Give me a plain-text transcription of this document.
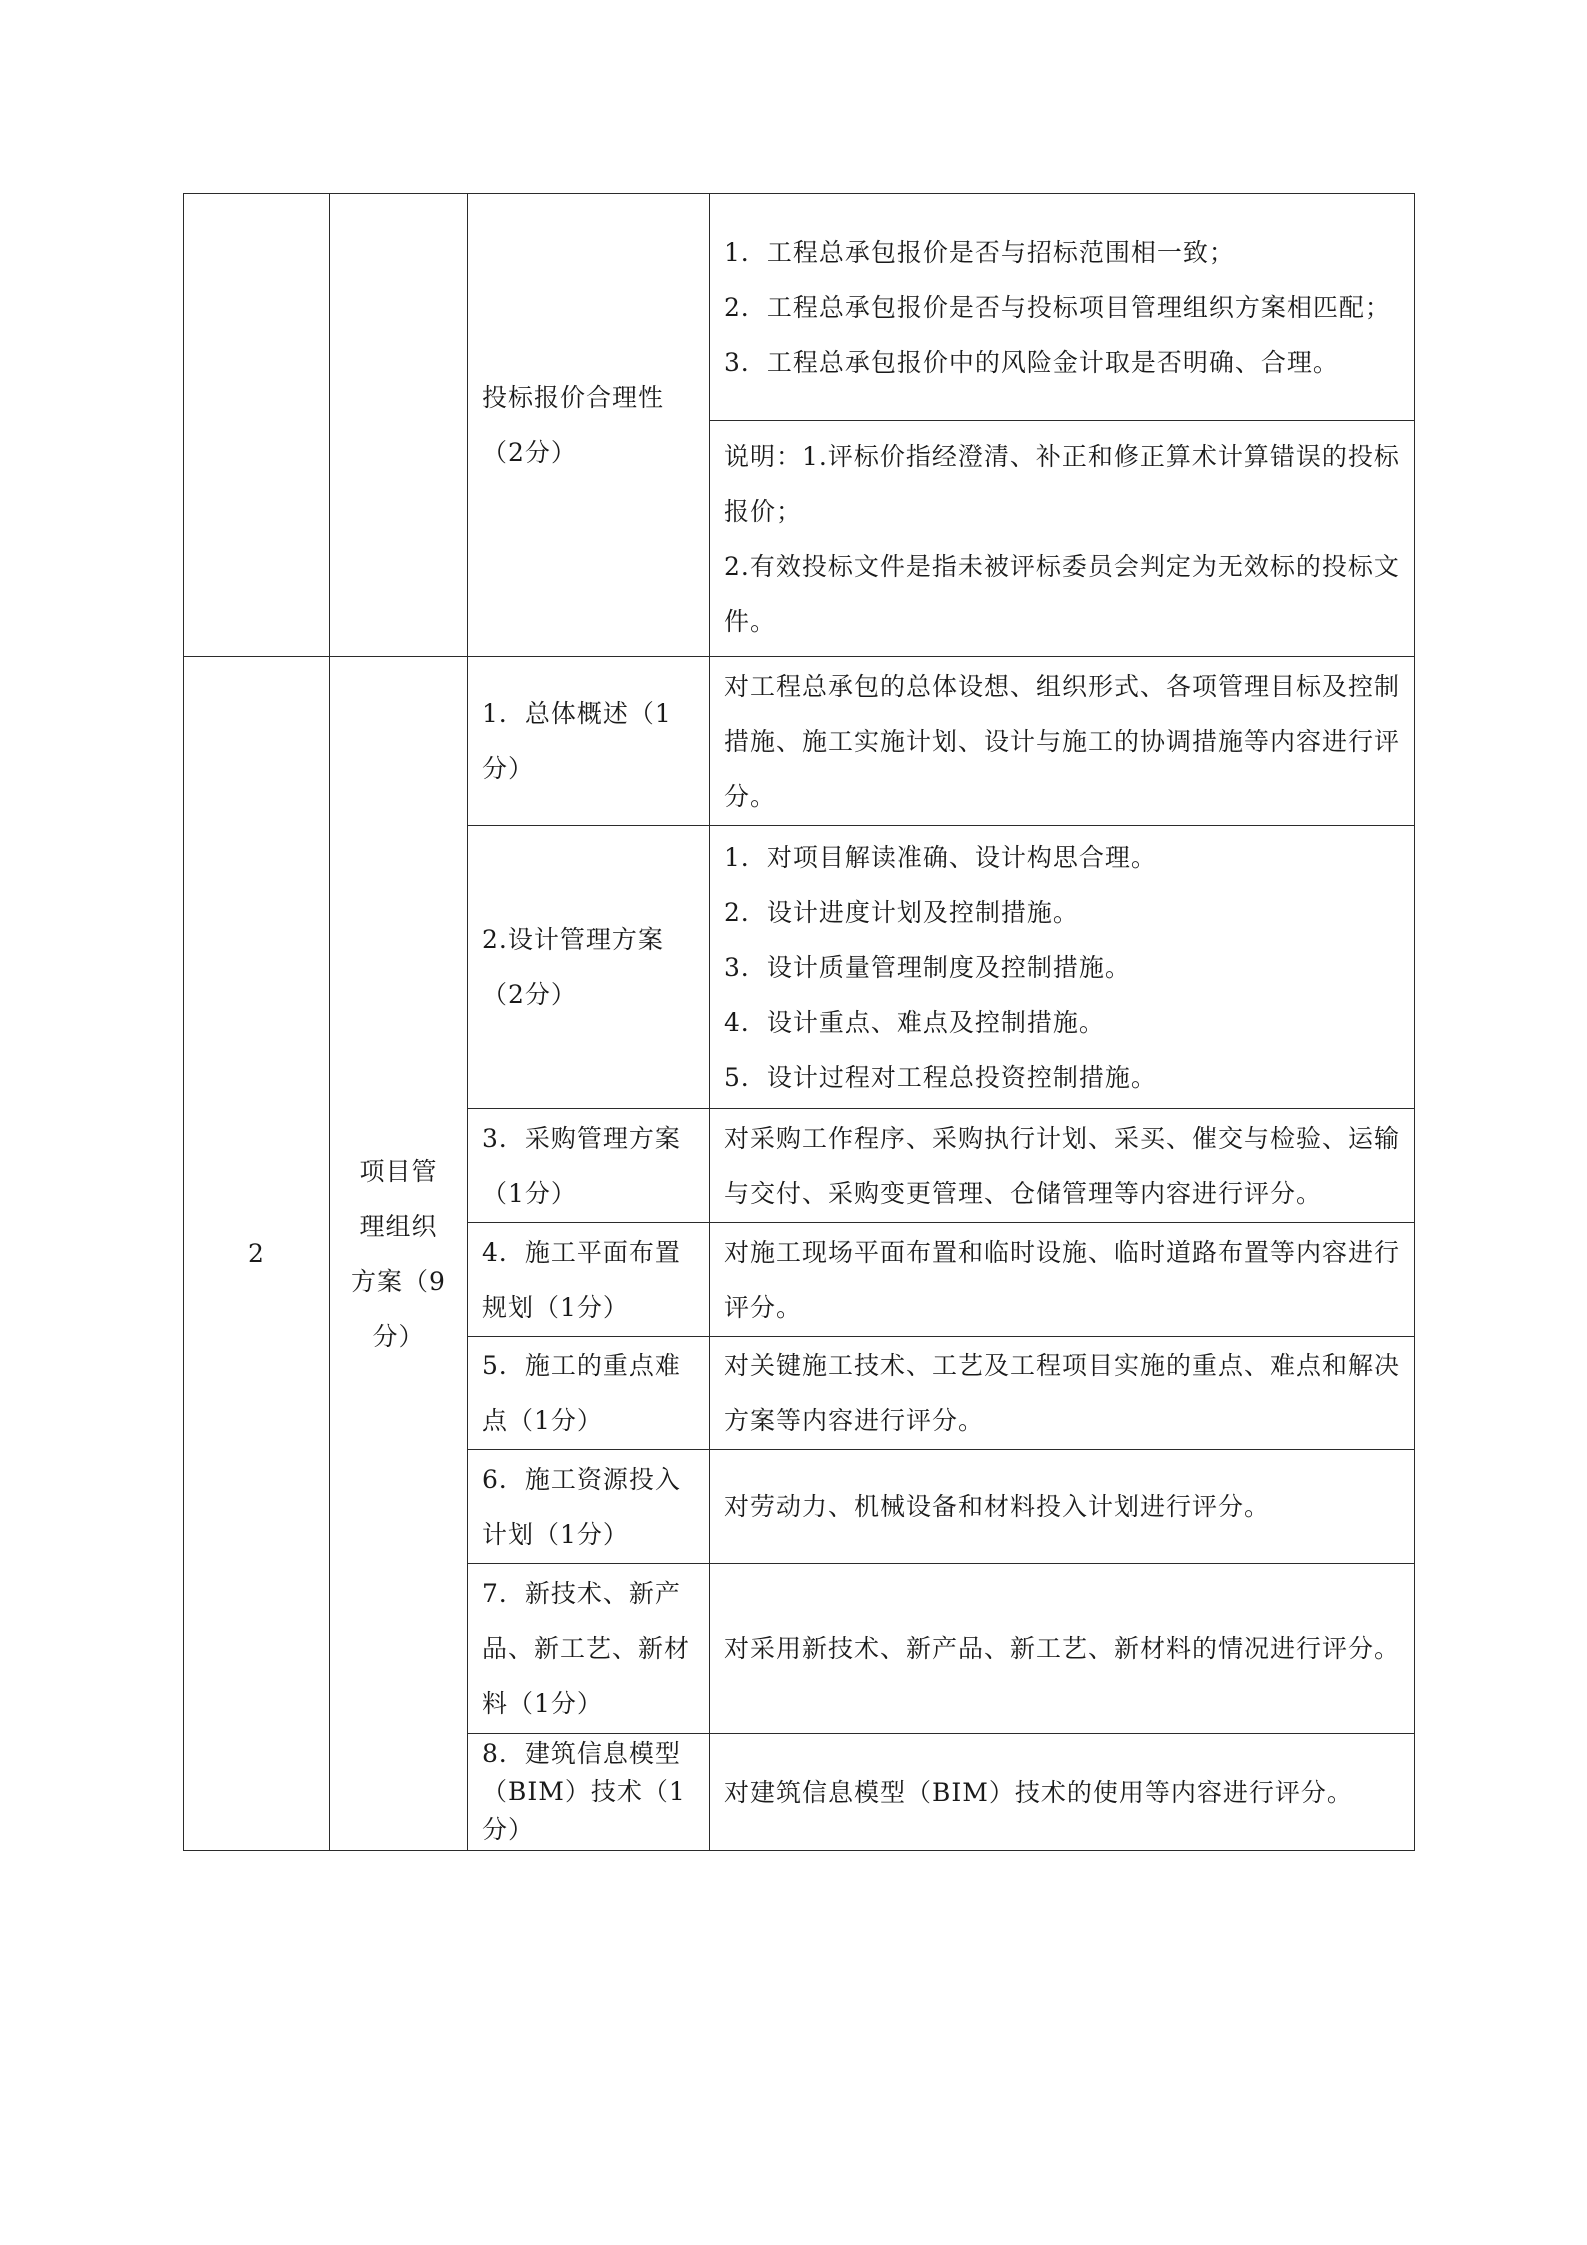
		投标报价合理性（2分）	1．工程总承包报价是否与招标范围相一致；
2．工程总承包报价是否与投标项目管理组织方案相匹配；
3．工程总承包报价中的风险金计取是否明确、合理。

			说明：1.评标价指经澄清、补正和修正算术计算错误的投标报价；
2.有效投标文件是指未被评标委员会判定为无效标的投标文件。

2	项目管理组织方案（9分）	1．总体概述（1分）	对工程总承包的总体设想、组织形式、各项管理目标及控制措施、施工实施计划、设计与施工的协调措施等内容进行评分。

		2.设计管理方案（2分）	1．对项目解读准确、设计构思合理。
2．设计进度计划及控制措施。
3．设计质量管理制度及控制措施。
4．设计重点、难点及控制措施。
5．设计过程对工程总投资控制措施。

		3．采购管理方案（1分）	对采购工作程序、采购执行计划、采买、催交与检验、运输与交付、采购变更管理、仓储管理等内容进行评分。

		4．施工平面布置规划（1分）	对施工现场平面布置和临时设施、临时道路布置等内容进行评分。

		5．施工的重点难点（1分）	对关键施工技术、工艺及工程项目实施的重点、难点和解决方案等内容进行评分。

		6．施工资源投入计划（1分）	对劳动力、机械设备和材料投入计划进行评分。

		7．新技术、新产品、新工艺、新材料（1分）	对采用新技术、新产品、新工艺、新材料的情况进行评分。

		8．建筑信息模型（BIM）技术（1分）	对建筑信息模型（BIM）技术的使用等内容进行评分。
